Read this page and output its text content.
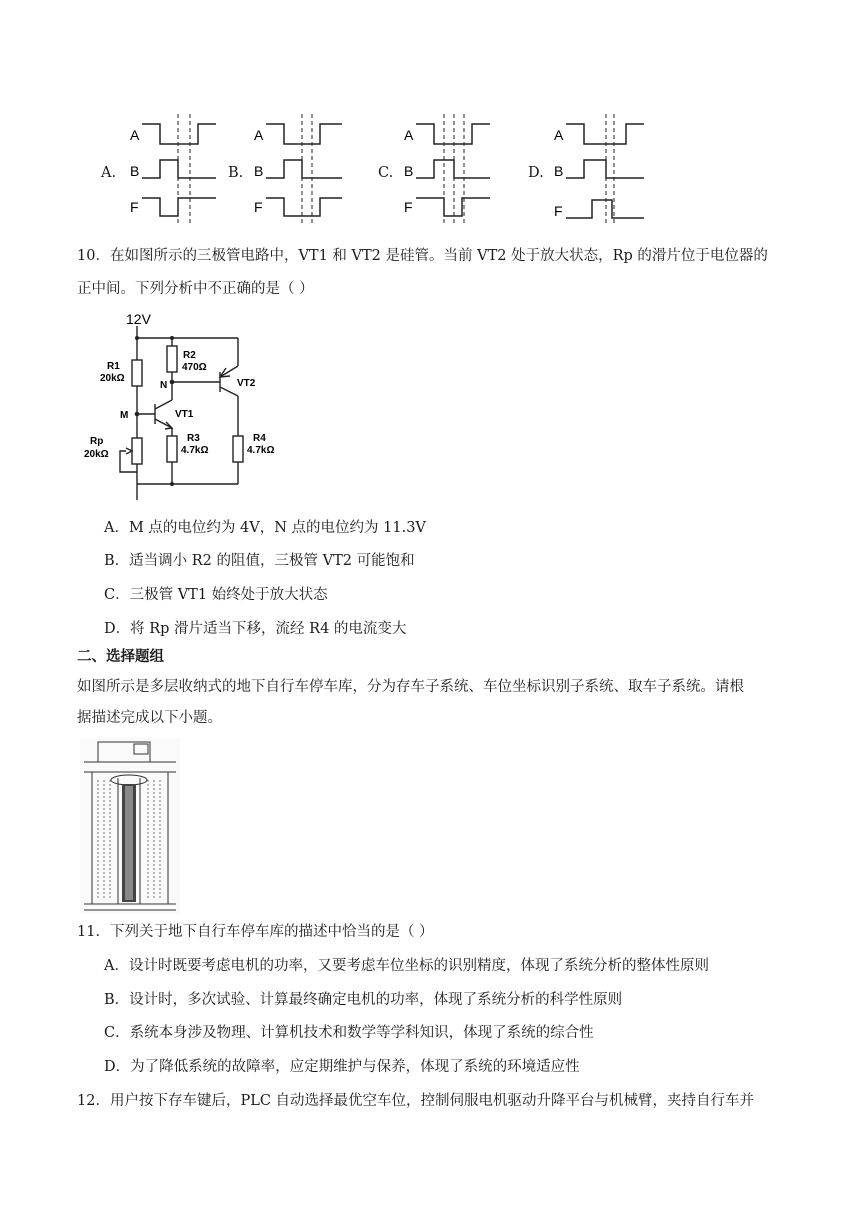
A.
A
B
F
B.
A
B
F
C.
A
B
F
D.
A
B
F
10．在如图所示的三极管电路中，VT1 和 VT2 是硅管。当前 VT2 处于放大状态，Rp 的滑片位于电位器的
正中间。下列分析中不正确的是（ ）
12V
R1
20kΩ
R2
470Ω
N
M	VT1
VT2
R3
4.7kΩ
R4
4.7kΩ
Rp
20kΩ
A．M 点的电位约为 4V，N 点的电位约为 11.3V
B．适当调小 R2 的阻值，三极管 VT2 可能饱和
C．三极管 VT1 始终处于放大状态
D．将 Rp 滑片适当下移，流经 R4 的电流变大
二、选择题组
如图所示是多层收纳式的地下自行车停车库，分为存车子系统、车位坐标识别子系统、取车子系统。请根
据描述完成以下小题。
11．下列关于地下自行车停车库的描述中恰当的是（ ）
A．设计时既要考虑电机的功率，又要考虑车位坐标的识别精度，体现了系统分析的整体性原则
B．设计时，多次试验、计算最终确定电机的功率，体现了系统分析的科学性原则
C．系统本身涉及物理、计算机技术和数学等学科知识，体现了系统的综合性
D．为了降低系统的故障率，应定期维护与保养，体现了系统的环境适应性
12．用户按下存车键后，PLC 自动选择最优空车位，控制伺服电机驱动升降平台与机械臂，夹持自行车并
